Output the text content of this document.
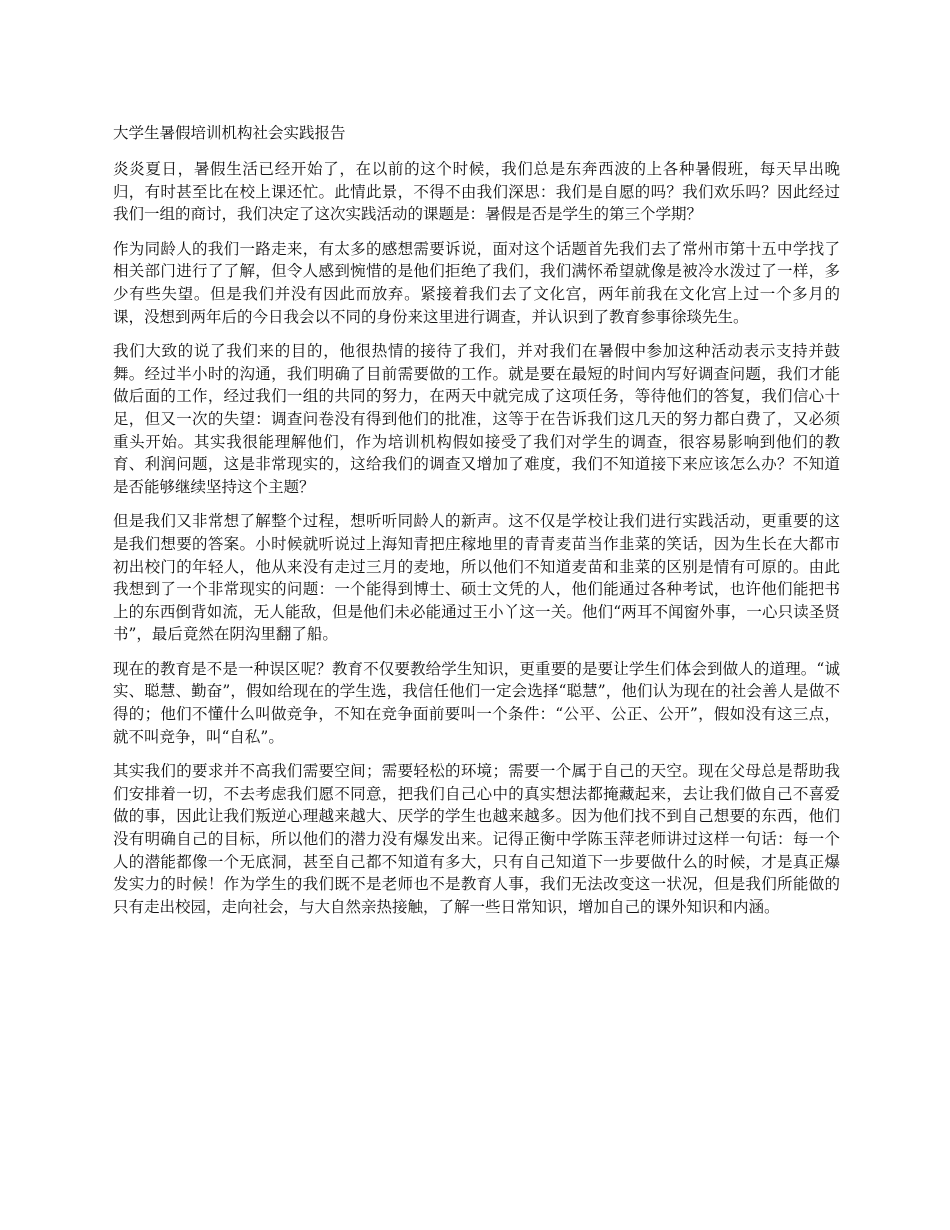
大学生暑假培训机构社会实践报告

炎炎夏日，暑假生活已经开始了，在以前的这个时候，我们总是东奔西波的上各种暑假班，每天早出晚归，有时甚至比在校上课还忙。此情此景，不得不由我们深思：我们是自愿的吗？我们欢乐吗？因此经过我们一组的商讨，我们决定了这次实践活动的课题是：暑假是否是学生的第三个学期？

作为同龄人的我们一路走来，有太多的感想需要诉说，面对这个话题首先我们去了常州市第十五中学找了相关部门进行了了解，但令人感到惋惜的是他们拒绝了我们，我们满怀希望就像是被冷水泼过了一样，多少有些失望。但是我们并没有因此而放弃。紧接着我们去了文化宫，两年前我在文化宫上过一个多月的课，没想到两年后的今日我会以不同的身份来这里进行调查，并认识到了教育参事徐琰先生。

我们大致的说了我们来的目的，他很热情的接待了我们，并对我们在暑假中参加这种活动表示支持并鼓舞。经过半小时的沟通，我们明确了目前需要做的工作。就是要在最短的时间内写好调查问题，我们才能做后面的工作，经过我们一组的共同的努力，在两天中就完成了这项任务，等待他们的答复，我们信心十足，但又一次的失望：调查问卷没有得到他们的批准，这等于在告诉我们这几天的努力都白费了，又必须重头开始。其实我很能理解他们，作为培训机构假如接受了我们对学生的调查，很容易影响到他们的教育、利润问题，这是非常现实的，这给我们的调查又增加了难度，我们不知道接下来应该怎么办？不知道是否能够继续坚持这个主题？

但是我们又非常想了解整个过程，想听听同龄人的新声。这不仅是学校让我们进行实践活动，更重要的这是我们想要的答案。小时候就听说过上海知青把庄稼地里的青青麦苗当作韭菜的笑话，因为生长在大都市初出校门的年轻人，他从来没有走过三月的麦地，所以他们不知道麦苗和韭菜的区别是情有可原的。由此我想到了一个非常现实的问题：一个能得到博士、硕士文凭的人，他们能通过各种考试，也许他们能把书上的东西倒背如流，无人能敌，但是他们未必能通过王小丫这一关。他们“两耳不闻窗外事，一心只读圣贤书”，最后竟然在阴沟里翻了船。

现在的教育是不是一种误区呢？教育不仅要教给学生知识，更重要的是要让学生们体会到做人的道理。“诚实、聪慧、勤奋”，假如给现在的学生选，我信任他们一定会选择“聪慧”，他们认为现在的社会善人是做不得的；他们不懂什么叫做竞争，不知在竞争面前要叫一个条件：“公平、公正、公开”，假如没有这三点，就不叫竞争，叫“自私”。

其实我们的要求并不高我们需要空间；需要轻松的环境；需要一个属于自己的天空。现在父母总是帮助我们安排着一切，不去考虑我们愿不同意，把我们自己心中的真实想法都掩藏起来，去让我们做自己不喜爱做的事，因此让我们叛逆心理越来越大、厌学的学生也越来越多。因为他们找不到自己想要的东西，他们没有明确自己的目标，所以他们的潜力没有爆发出来。记得正衡中学陈玉萍老师讲过这样一句话：每一个人的潜能都像一个无底洞，甚至自己都不知道有多大，只有自己知道下一步要做什么的时候，才是真正爆发实力的时候！作为学生的我们既不是老师也不是教育人事，我们无法改变这一状况，但是我们所能做的只有走出校园，走向社会，与大自然亲热接触，了解一些日常知识，增加自己的课外知识和内涵。
